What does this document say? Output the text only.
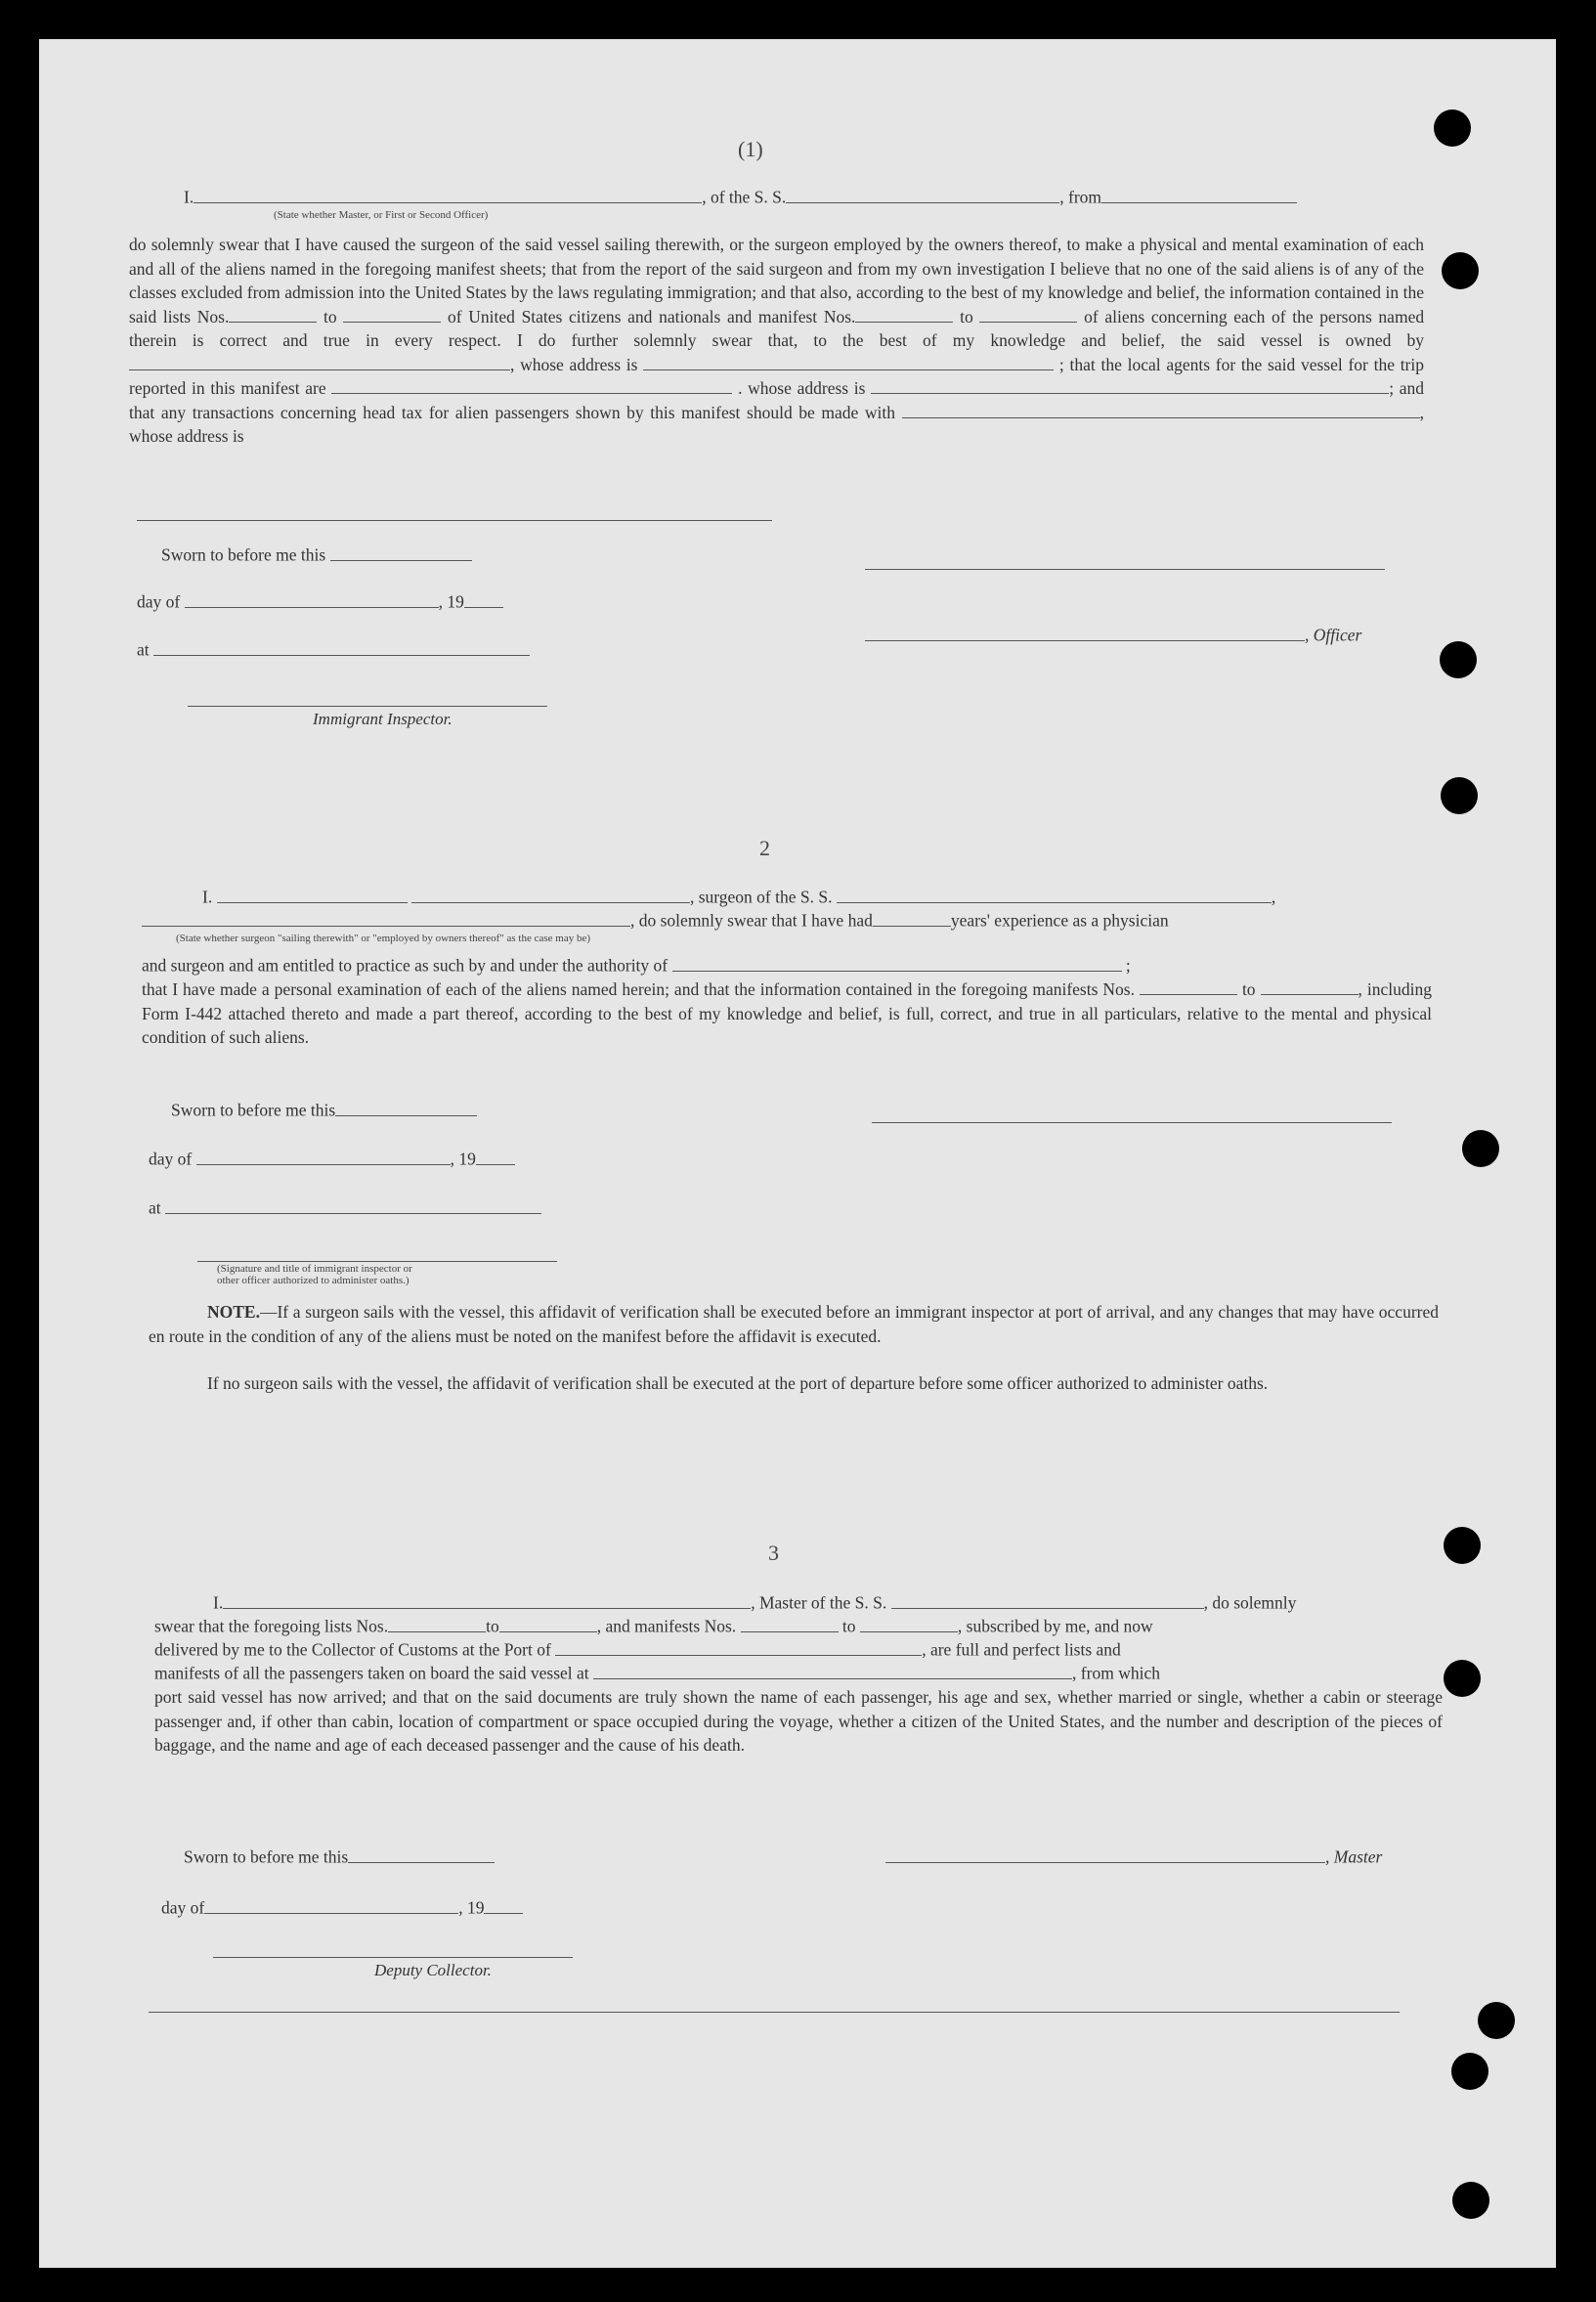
(1)
I.	, of the S. S.	, from
(State whether Master, or First or Second Officer)
do solemnly swear that I have caused the surgeon of the said vessel sailing therewith, or the surgeon employed by the owners thereof, to make a physical and mental examination of each and all of the aliens named in the foregoing manifest sheets; that from the report of the said surgeon and from my own investigation I believe that no one of the said aliens is of any of the classes excluded from admission into the United States by the laws regulating immigration; and that also, according to the best of my knowledge and belief, the information contained in the said lists Nos.	to	of United States citizens and nationals and manifest Nos.	to	of aliens concerning each of the persons named therein is correct and true in every respect. I do further solemnly swear that, to the best of my knowledge and belief, the said vessel is owned by , whose address is	; that the local agents for the said vessel for the trip reported in this manifest are	. whose address is	; and that any transactions concerning head tax for alien passengers shown by this manifest should be made with	, whose address is
Sworn to before me this
day of	, 19
, Officer
at
Immigrant Inspector.
2
I.	, surgeon of the S. S.	,
, do solemnly swear that I have had	years' experience as a physician
(State whether surgeon "sailing therewith" or "employed by owners thereof" as the case may be)
and surgeon and am entitled to practice as such by and under the authority of	;
that I have made a personal examination of each of the aliens named herein; and that the information contained in the foregoing manifests Nos.	to	, including Form I-442 attached thereto and made a part thereof, according to the best of my knowledge and belief, is full, correct, and true in all particulars, relative to the mental and physical condition of such aliens.
Sworn to before me this
day of	, 19
at
(Signature and title of immigrant inspector or
other officer authorized to administer oaths.)
NOTE.—If a surgeon sails with the vessel, this affidavit of verification shall be executed before an immigrant inspector at port of arrival, and any changes that may have occurred en route in the condition of any of the aliens must be noted on the manifest before the affidavit is executed.
If no surgeon sails with the vessel, the affidavit of verification shall be executed at the port of departure before some officer authorized to administer oaths.
3
I.	, Master of the S. S.	, do solemnly
swear that the foregoing lists Nos.	to	, and manifests Nos.	to	, subscribed by me, and now
delivered by me to the Collector of Customs at the Port of	, are full and perfect lists and
manifests of all the passengers taken on board the said vessel at	, from which
port said vessel has now arrived; and that on the said documents are truly shown the name of each passenger, his age and sex, whether married or single, whether a cabin or steerage passenger and, if other than cabin, location of compartment or space occupied during the voyage, whether a citizen of the United States, and the number and description of the pieces of baggage, and the name and age of each deceased passenger and the cause of his death.
Sworn to before me this	, Master
day of	, 19
Deputy Collector.
